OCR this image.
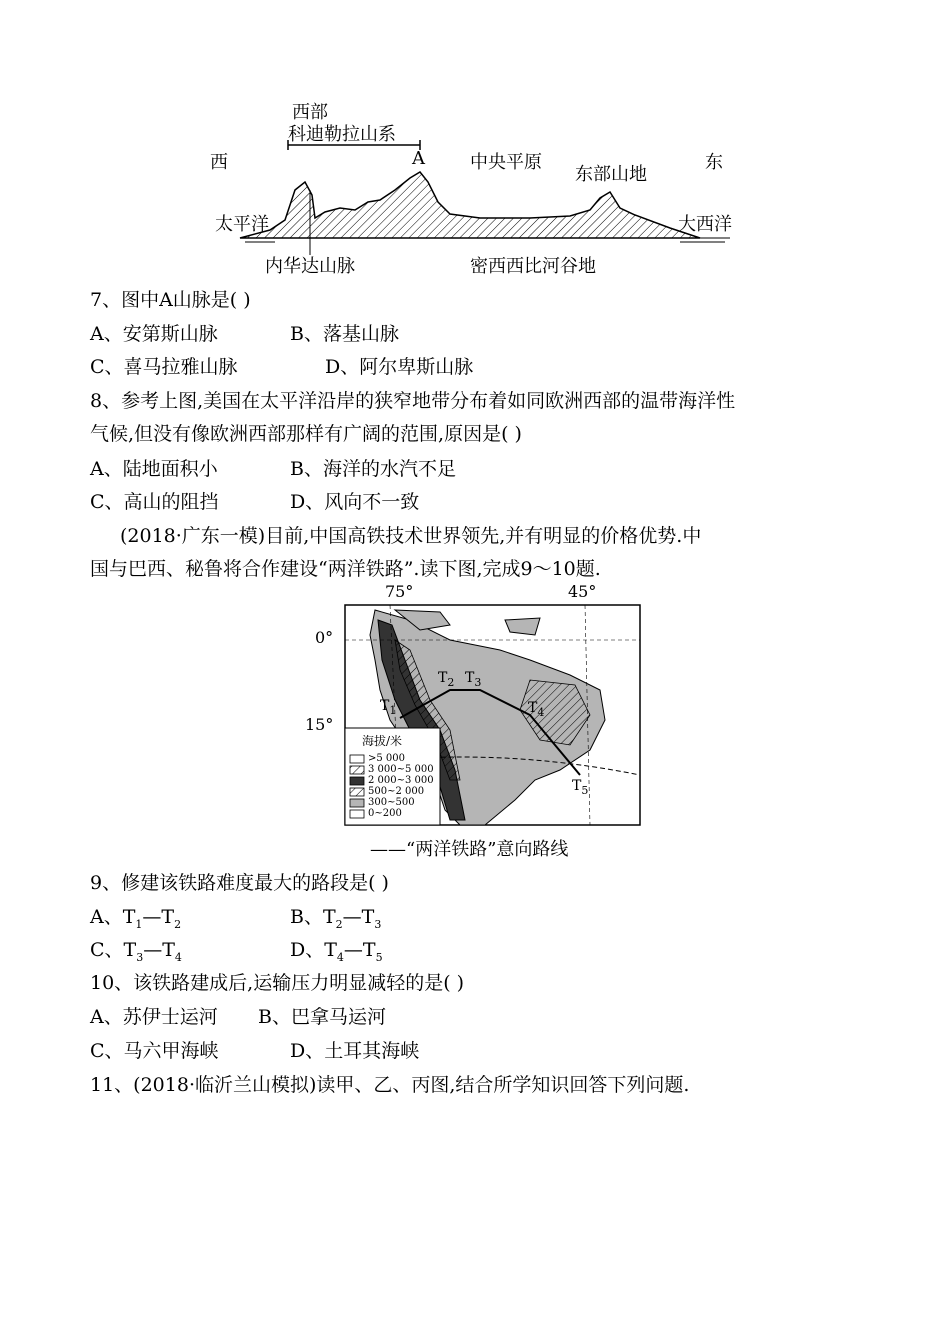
西	东
西部
科迪勒拉山系
A	中央平原
东部山地
太平洋	大西洋
内华达山脉	密西西比河谷地
7、图中A山脉是( )
A、安第斯山脉	B、落基山脉
C、喜马拉雅山脉	D、阿尔卑斯山脉
8、参考上图,美国在太平洋沿岸的狭窄地带分布着如同欧洲西部的温带海洋性
气候,但没有像欧洲西部那样有广阔的范围,原因是( )
A、陆地面积小	B、海洋的水汽不足
C、高山的阻挡	D、风向不一致
(2018·广东一模)目前,中国高铁技术世界领先,并有明显的价格优势.中
国与巴西、秘鲁将合作建设“两洋铁路”.读下图,完成9～10题.
75°	45°
0°
15°
$T_1$
$T_2$ $T_3$
$T_4$
$T_5$
海拔/米
>5 000
3 000~5 000
2 000~3 000
500~2 000
300~500
0~200
——“两洋铁路”意向路线
9、修建该铁路难度最大的路段是( )
A、$T_1—T_2$	B、$T_2—T_3$
C、$T_3—T_4$	D、$T_4—T_5$
10、该铁路建成后,运输压力明显减轻的是( )
A、苏伊士运河 B、巴拿马运河
C、马六甲海峡	D、土耳其海峡
11、(2018·临沂兰山模拟)读甲、乙、丙图,结合所学知识回答下列问题.
